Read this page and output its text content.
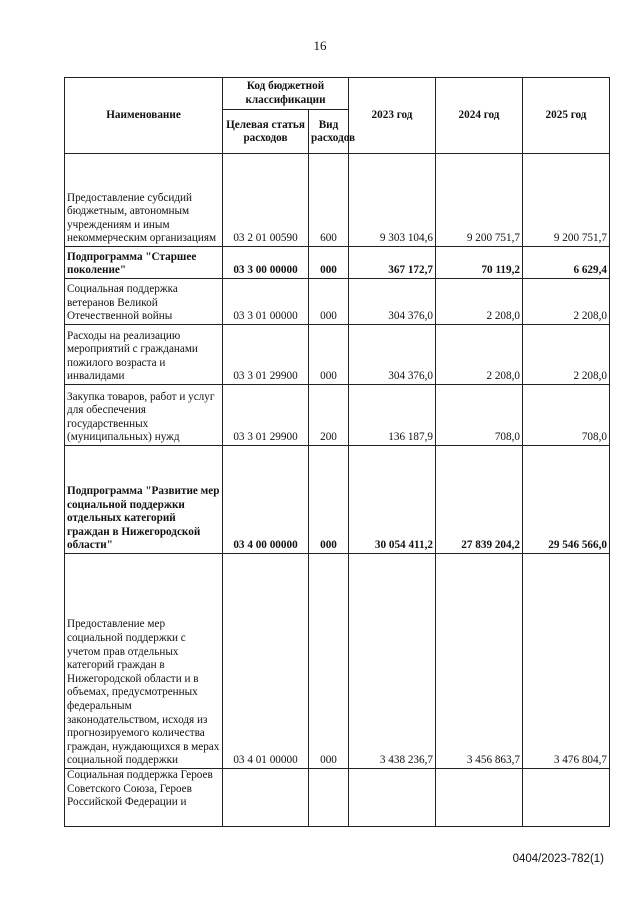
16
Наименование	Код бюджетной классификации		2023 год	2024 год	2025 год
	Целевая статья расходов	Вид расходов			
Предоставление субсидий бюджетным, автономным учреждениям и иным некоммерческим организациям	03 2 01 00590	600	9 303 104,6	9 200 751,7	9 200 751,7
Подпрограмма "Старшее поколение"	03 3 00 00000	000	367 172,7	70 119,2	6 629,4
Социальная поддержка ветеранов Великой Отечественной войны	03 3 01 00000	000	304 376,0	2 208,0	2 208,0
Расходы на реализацию мероприятий с гражданами пожилого возраста и инвалидами	03 3 01 29900	000	304 376,0	2 208,0	2 208,0
Закупка товаров, работ и услуг для обеспечения государственных (муниципальных) нужд	03 3 01 29900	200	136 187,9	708,0	708,0
Подпрограмма "Развитие мер социальной поддержки отдельных категорий граждан в Нижегородской области"	03 4 00 00000	000	30 054 411,2	27 839 204,2	29 546 566,0
Предоставление мер социальной поддержки с учетом прав отдельных категорий граждан в Нижегородской области и в объемах, предусмотренных федеральным законодательством, исходя из прогнозируемого количества граждан, нуждающихся в мерах социальной поддержки	03 4 01 00000	000	3 438 236,7	3 456 863,7	3 476 804,7
Социальная поддержка Героев Советского Союза, Героев Российской Федерации и					
0404/2023-782(1)
